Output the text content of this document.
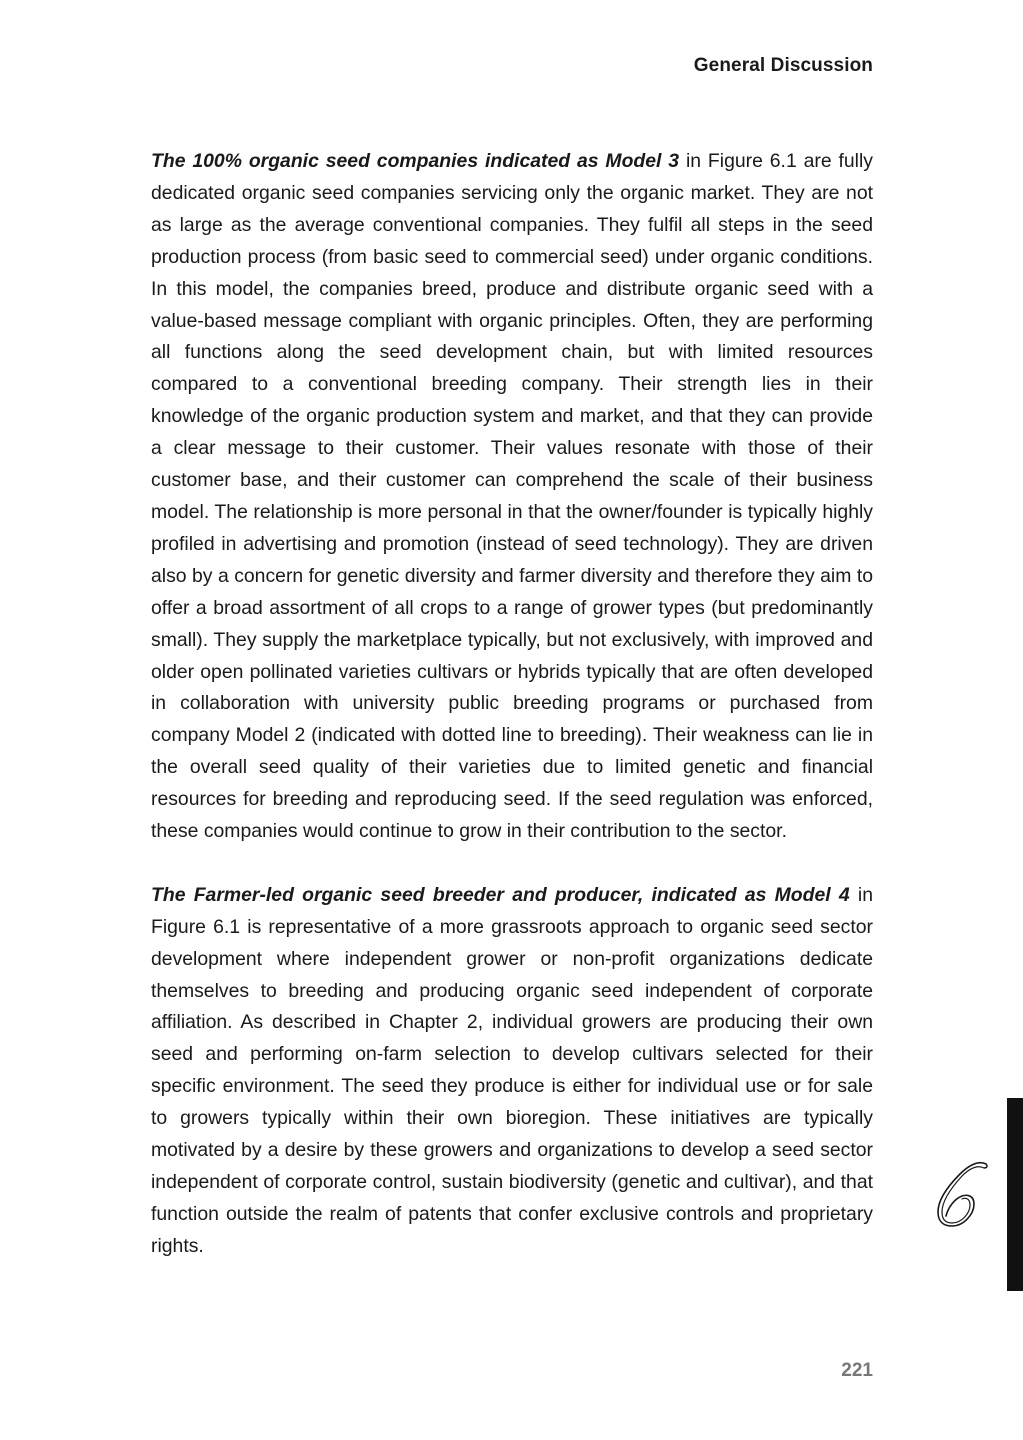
General Discussion

The 100% organic seed companies indicated as Model 3 in Figure 6.1 are fully dedicated organic seed companies servicing only the organic market. They are not as large as the average conventional companies. They fulfil all steps in the seed production process (from basic seed to commercial seed) under organic conditions. In this model, the companies breed, produce and distribute organic seed with a value-based message compliant with organic principles. Often, they are performing all functions along the seed development chain, but with limited resources compared to a conventional breeding company. Their strength lies in their knowledge of the organic production system and market, and that they can provide a clear message to their customer. Their values resonate with those of their customer base, and their customer can comprehend the scale of their business model. The relationship is more personal in that the owner/founder is typically highly profiled in advertising and promotion (instead of seed technology). They are driven also by a concern for genetic diversity and farmer diversity and therefore they aim to offer a broad assortment of all crops to a range of grower types (but predominantly small). They supply the marketplace typically, but not exclusively, with improved and older open pollinated varieties cultivars or hybrids typically that are often developed in collaboration with university public breeding programs or purchased from company Model 2 (indicated with dotted line to breeding). Their weakness can lie in the overall seed quality of their varieties due to limited genetic and financial resources for breeding and reproducing seed. If the seed regulation was enforced, these companies would continue to grow in their contribution to the sector.

The Farmer-led organic seed breeder and producer, indicated as Model 4 in Figure 6.1 is representative of a more grassroots approach to organic seed sector development where independent grower or non-profit organizations dedicate themselves to breeding and producing organic seed independent of corporate affiliation. As described in Chapter 2, individual growers are producing their own seed and performing on-farm selection to develop cultivars selected for their specific environment. The seed they produce is either for individual use or for sale to growers typically within their own bioregion. These initiatives are typically motivated by a desire by these growers and organizations to develop a seed sector independent of corporate control, sustain biodiversity (genetic and cultivar), and that function outside the realm of patents that confer exclusive controls and proprietary rights.

221
